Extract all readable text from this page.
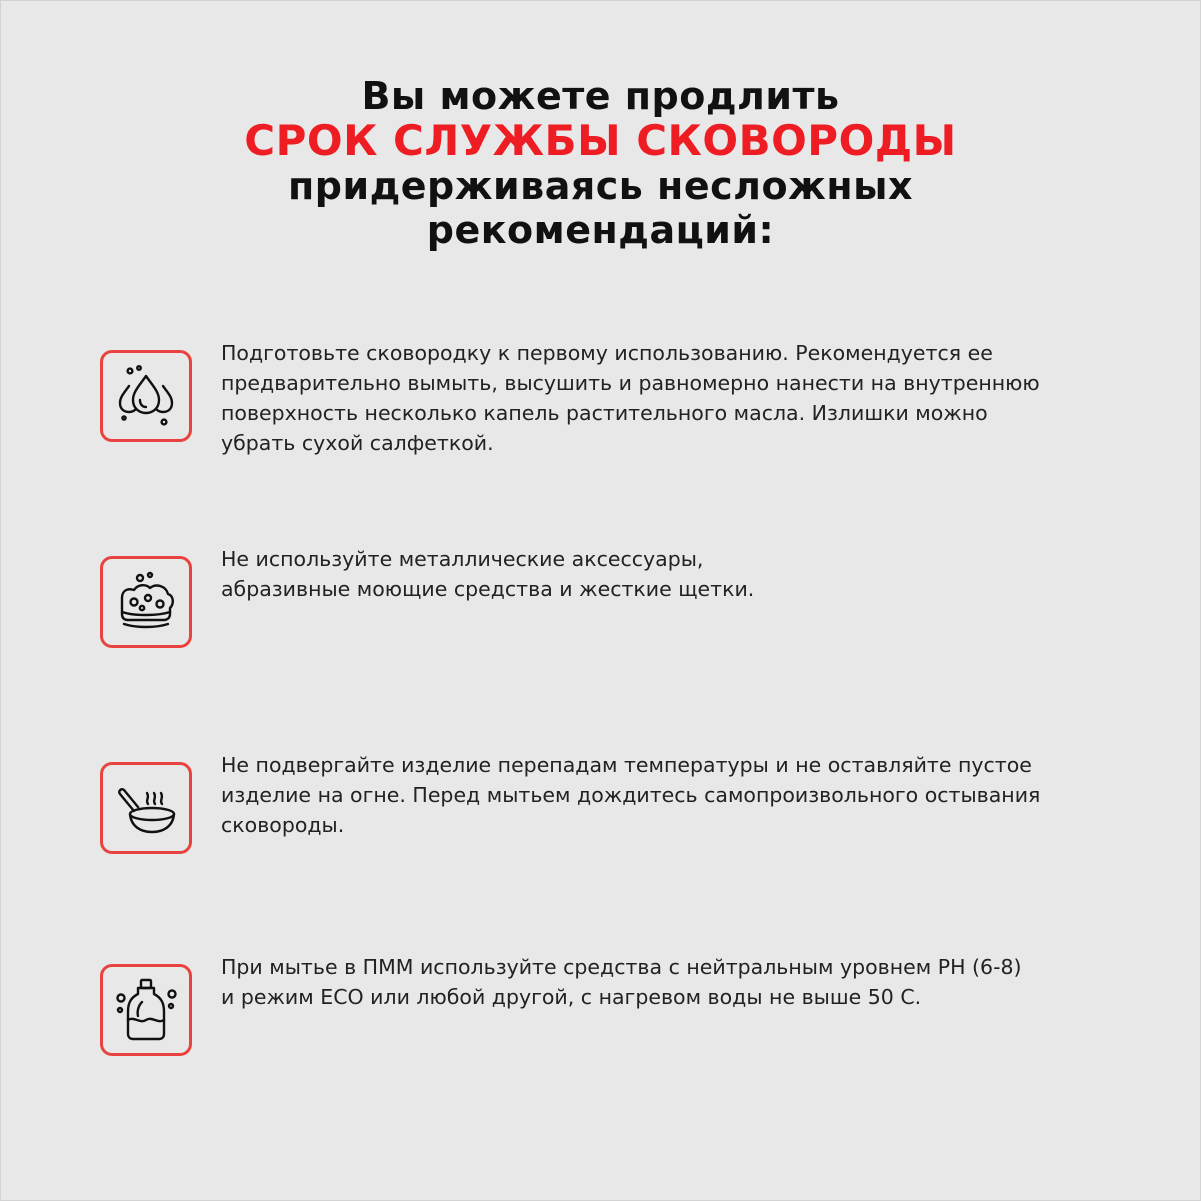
Вы можете продлить
СРОК СЛУЖБЫ СКОВОРОДЫ
придерживаясь несложных
рекомендаций:
Подготовьте сковородку к первому использованию. Рекомендуется ее
предварительно вымыть, высушить и равномерно нанести на внутреннюю
поверхность несколько капель растительного масла. Излишки можно
убрать сухой салфеткой.
Не используйте металлические аксессуары,
абразивные моющие средства и жесткие щетки.
Не подвергайте изделие перепадам температуры и не оставляйте пустое
изделие на огне. Перед мытьем дождитесь самопроизвольного остывания
сковороды.
При мытье в ПММ используйте средства с нейтральным уровнем PH (6-8)
и режим ECO или любой другой, с нагревом воды не выше 50 С.
